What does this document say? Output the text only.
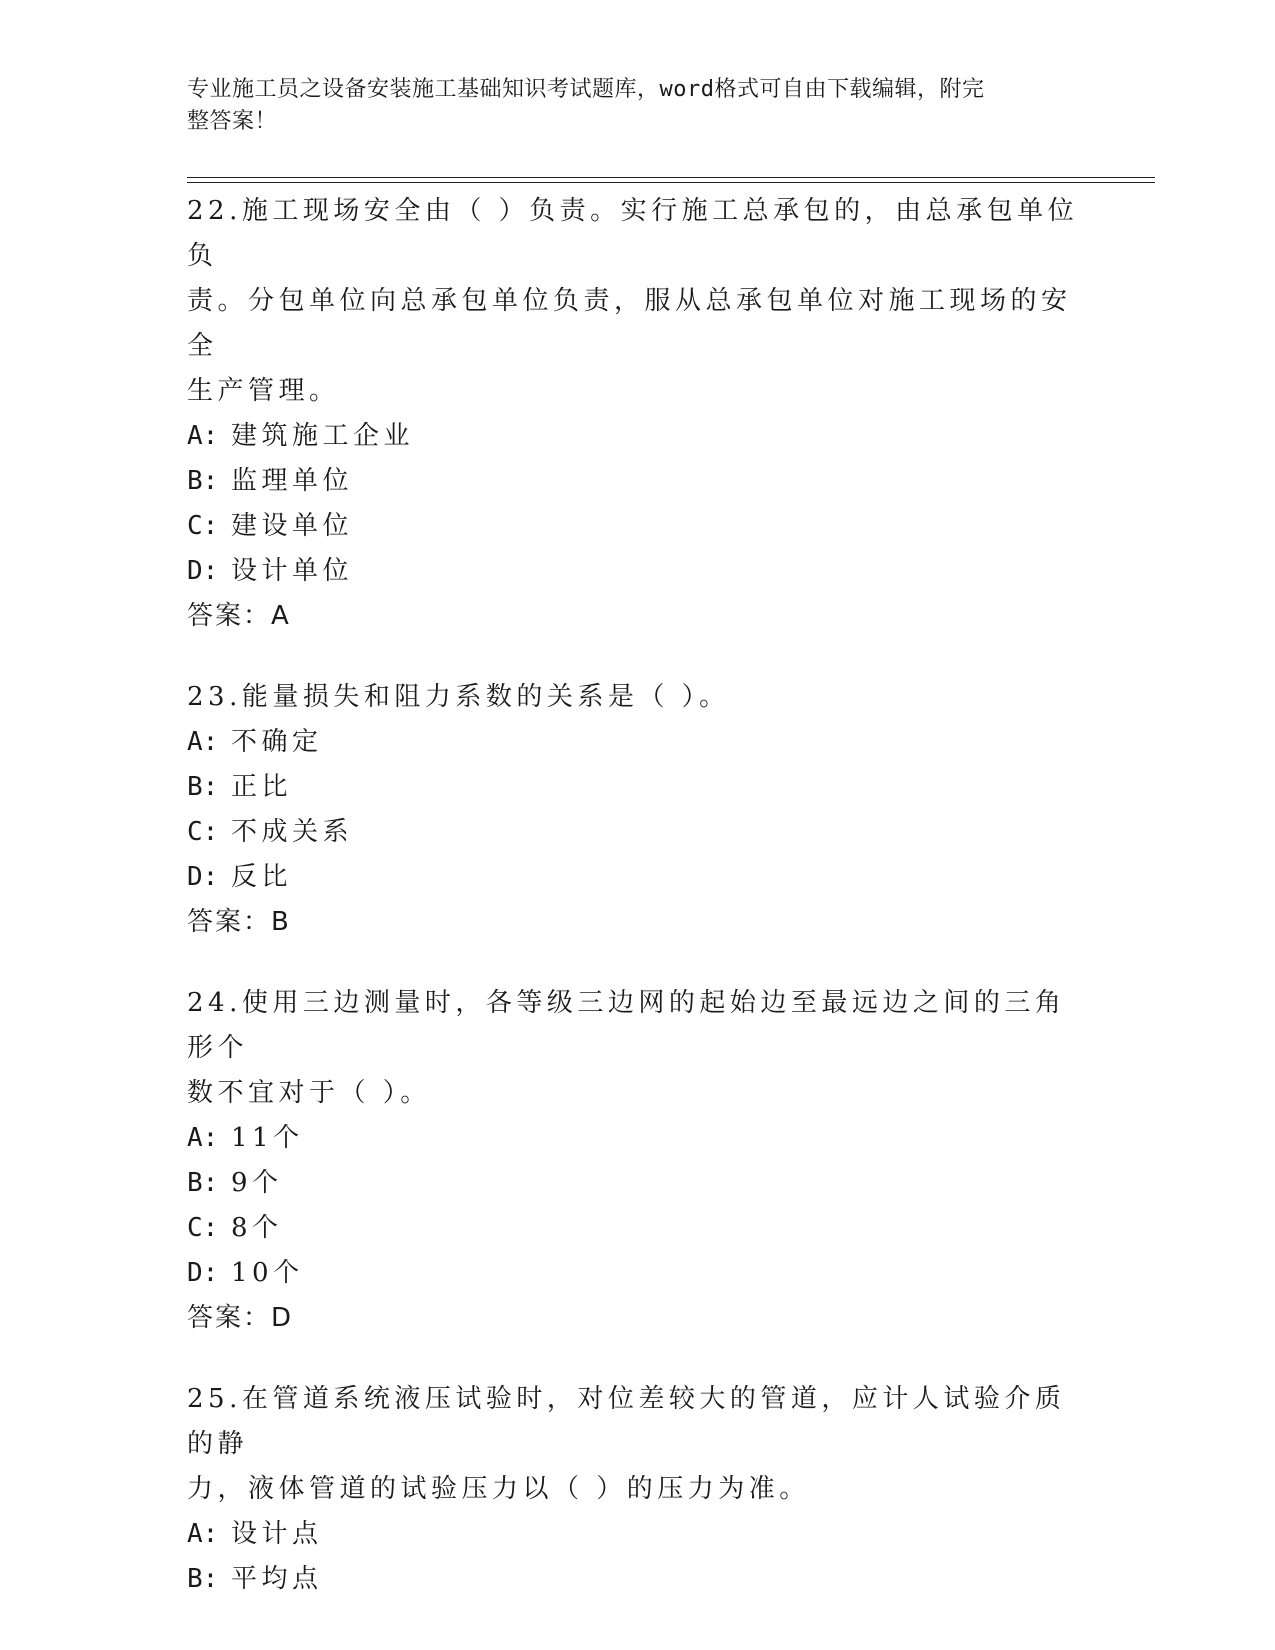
专业施工员之设备安装施工基础知识考试题库，word格式可自由下载编辑，附完
整答案！
22.施工现场安全由（ ）负责。实行施工总承包的，由总承包单位负
责。分包单位向总承包单位负责，服从总承包单位对施工现场的安全
生产管理。
A: 建筑施工企业
B: 监理单位
C: 建设单位
D: 设计单位
答案：A
23.能量损失和阻力系数的关系是（ ）。
A: 不确定
B: 正比
C: 不成关系
D: 反比
答案：B
24.使用三边测量时，各等级三边网的起始边至最远边之间的三角形个
数不宜对于（ ）。
A: 11个
B: 9个
C: 8个
D: 10个
答案：D
25.在管道系统液压试验时，对位差较大的管道，应计人试验介质的静
力，液体管道的试验压力以（ ）的压力为准。
A: 设计点
B: 平均点
